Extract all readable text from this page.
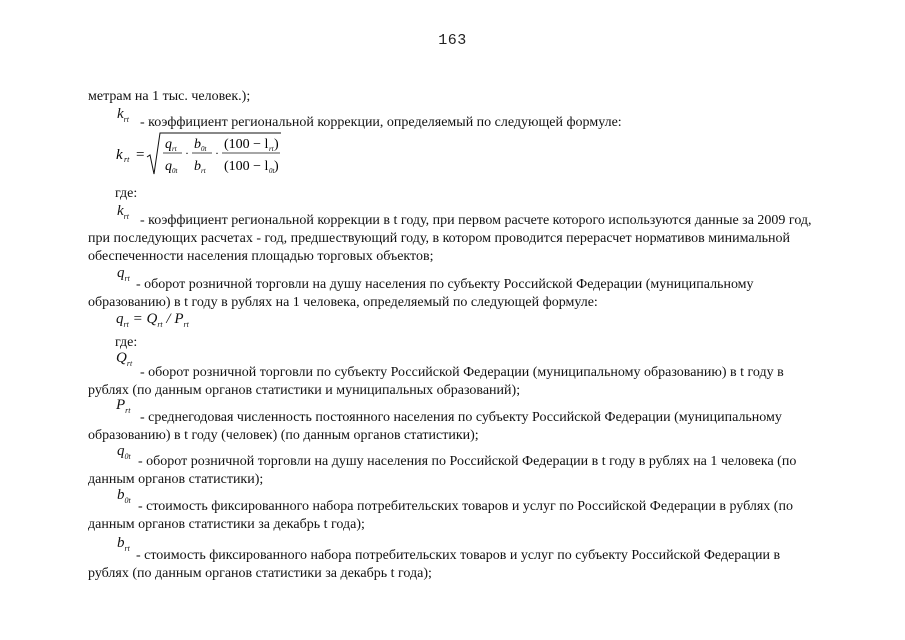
163
метрам на 1 тыс. человек.);
$k_{rt}$ - коэффициент региональной коррекции, определяемый по следующей формуле:
k rt =
q rt
q 0t
·
b 0t
b rt
·
(100 − l rt )
(100 − l 0t )
где:
$k_{rt}$ - коэффициент региональной коррекции в t году, при первом расчете которого используются данные за 2009 год,
при последующих расчетах - год, предшествующий году, в котором проводится перерасчет нормативов минимальной
обеспеченности населения площадью торговых объектов;
$q_{rt}$ - оборот розничной торговли на душу населения по субъекту Российской Федерации (муниципальному
образованию) в t году в рублях на 1 человека, определяемый по следующей формуле:
$q_{rt} = Q_{rt} / P_{rt}$
где:
$Q_{rt}$
- оборот розничной торговли по субъекту Российской Федерации (муниципальному образованию) в t году в
рублях (по данным органов статистики и муниципальных образований);
$P_{rt}$ - среднегодовая численность постоянного населения по субъекту Российской Федерации (муниципальному
образованию) в t году (человек) (по данным органов статистики);
$q_{0t}$ - оборот розничной торговли на душу населения по Российской Федерации в t году в рублях на 1 человека (по
данным органов статистики);
$b_{0t}$ - стоимость фиксированного набора потребительских товаров и услуг по Российской Федерации в рублях (по
данным органов статистики за декабрь t года);
$b_{rt}$ - стоимость фиксированного набора потребительских товаров и услуг по субъекту Российской Федерации в
рублях (по данным органов статистики за декабрь t года);
